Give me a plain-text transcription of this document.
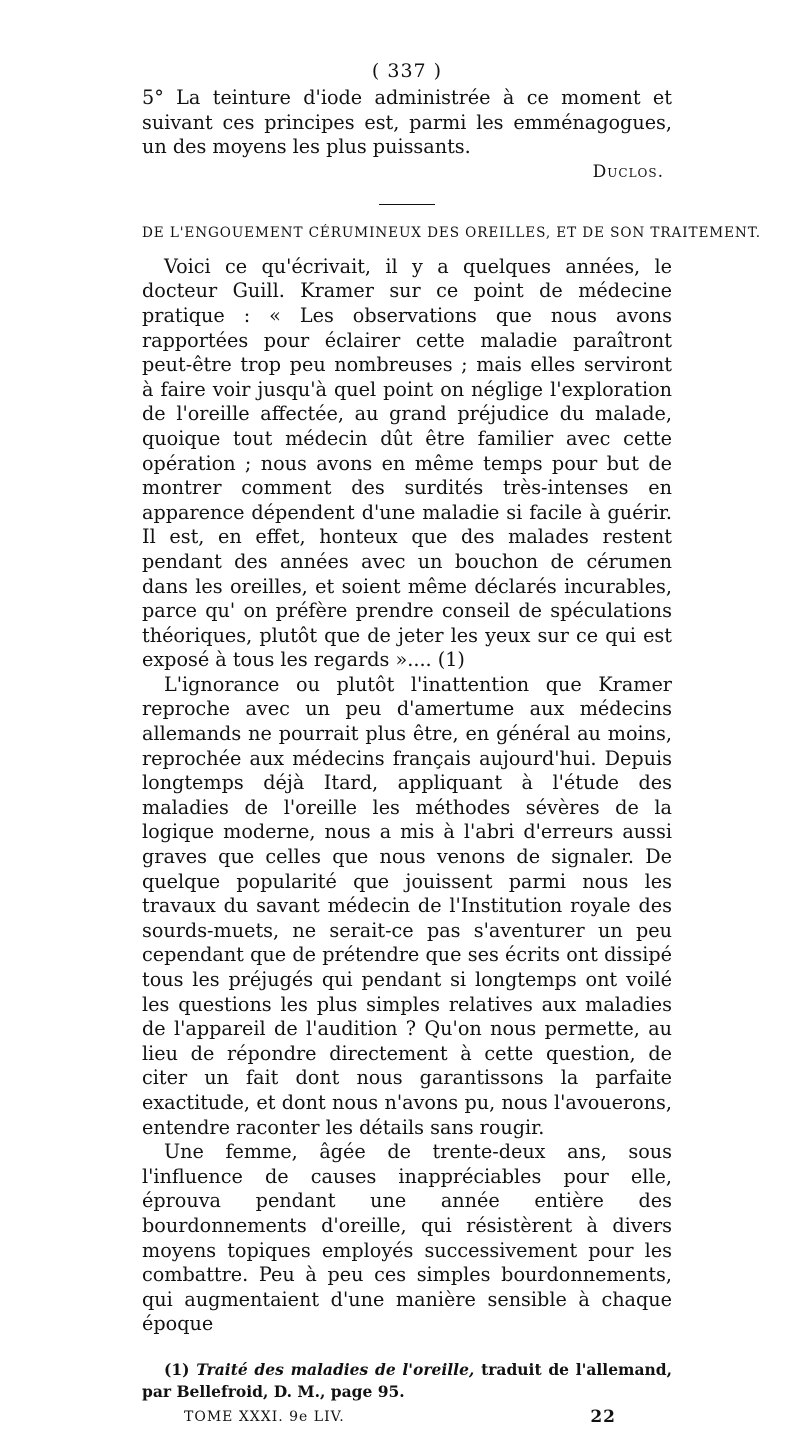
( 337 )

5° La teinture d'iode administrée à ce moment et suivant ces principes est, parmi les emménagogues, un des moyens les plus puissants.

Duclos.
DE L'ENGOUEMENT CÉRUMINEUX DES OREILLES, ET DE SON TRAITEMENT.

Voici ce qu'écrivait, il y a quelques années, le docteur Guill. Kramer sur ce point de médecine pratique : « Les observations que nous avons rapportées pour éclairer cette maladie paraîtront peut-être trop peu nombreuses ; mais elles serviront à faire voir jusqu'à quel point on néglige l'exploration de l'oreille affectée, au grand préjudice du malade, quoique tout médecin dût être familier avec cette opération ; nous avons en même temps pour but de montrer comment des surdités très-intenses en apparence dépendent d'une maladie si facile à guérir. Il est, en effet, honteux que des malades restent pendant des années avec un bouchon de cérumen dans les oreilles, et soient même déclarés incurables, parce qu' on préfère prendre conseil de spéculations théoriques, plutôt que de jeter les yeux sur ce qui est exposé à tous les regards ».... (1)

L'ignorance ou plutôt l'inattention que Kramer reproche avec un peu d'amertume aux médecins allemands ne pourrait plus être, en général au moins, reprochée aux médecins français aujourd'hui. Depuis longtemps déjà Itard, appliquant à l'étude des maladies de l'oreille les méthodes sévères de la logique moderne, nous a mis à l'abri d'erreurs aussi graves que celles que nous venons de signaler. De quelque popularité que jouissent parmi nous les travaux du savant médecin de l'Institution royale des sourds-muets, ne serait-ce pas s'aventurer un peu cependant que de prétendre que ses écrits ont dissipé tous les préjugés qui pendant si longtemps ont voilé les questions les plus simples relatives aux maladies de l'appareil de l'audition ? Qu'on nous permette, au lieu de répondre directement à cette question, de citer un fait dont nous garantissons la parfaite exactitude, et dont nous n'avons pu, nous l'avouerons, entendre raconter les détails sans rougir.

Une femme, âgée de trente-deux ans, sous l'influence de causes inappréciables pour elle, éprouva pendant une année entière des bourdonnements d'oreille, qui résistèrent à divers moyens topiques employés successivement pour les combattre. Peu à peu ces simples bourdonnements, qui augmentaient d'une manière sensible à chaque époque

(1) Traité des maladies de l'oreille, traduit de l'allemand, par Bellefroid, D. M., page 95.

TOME XXXI. 9e LIV.	22
